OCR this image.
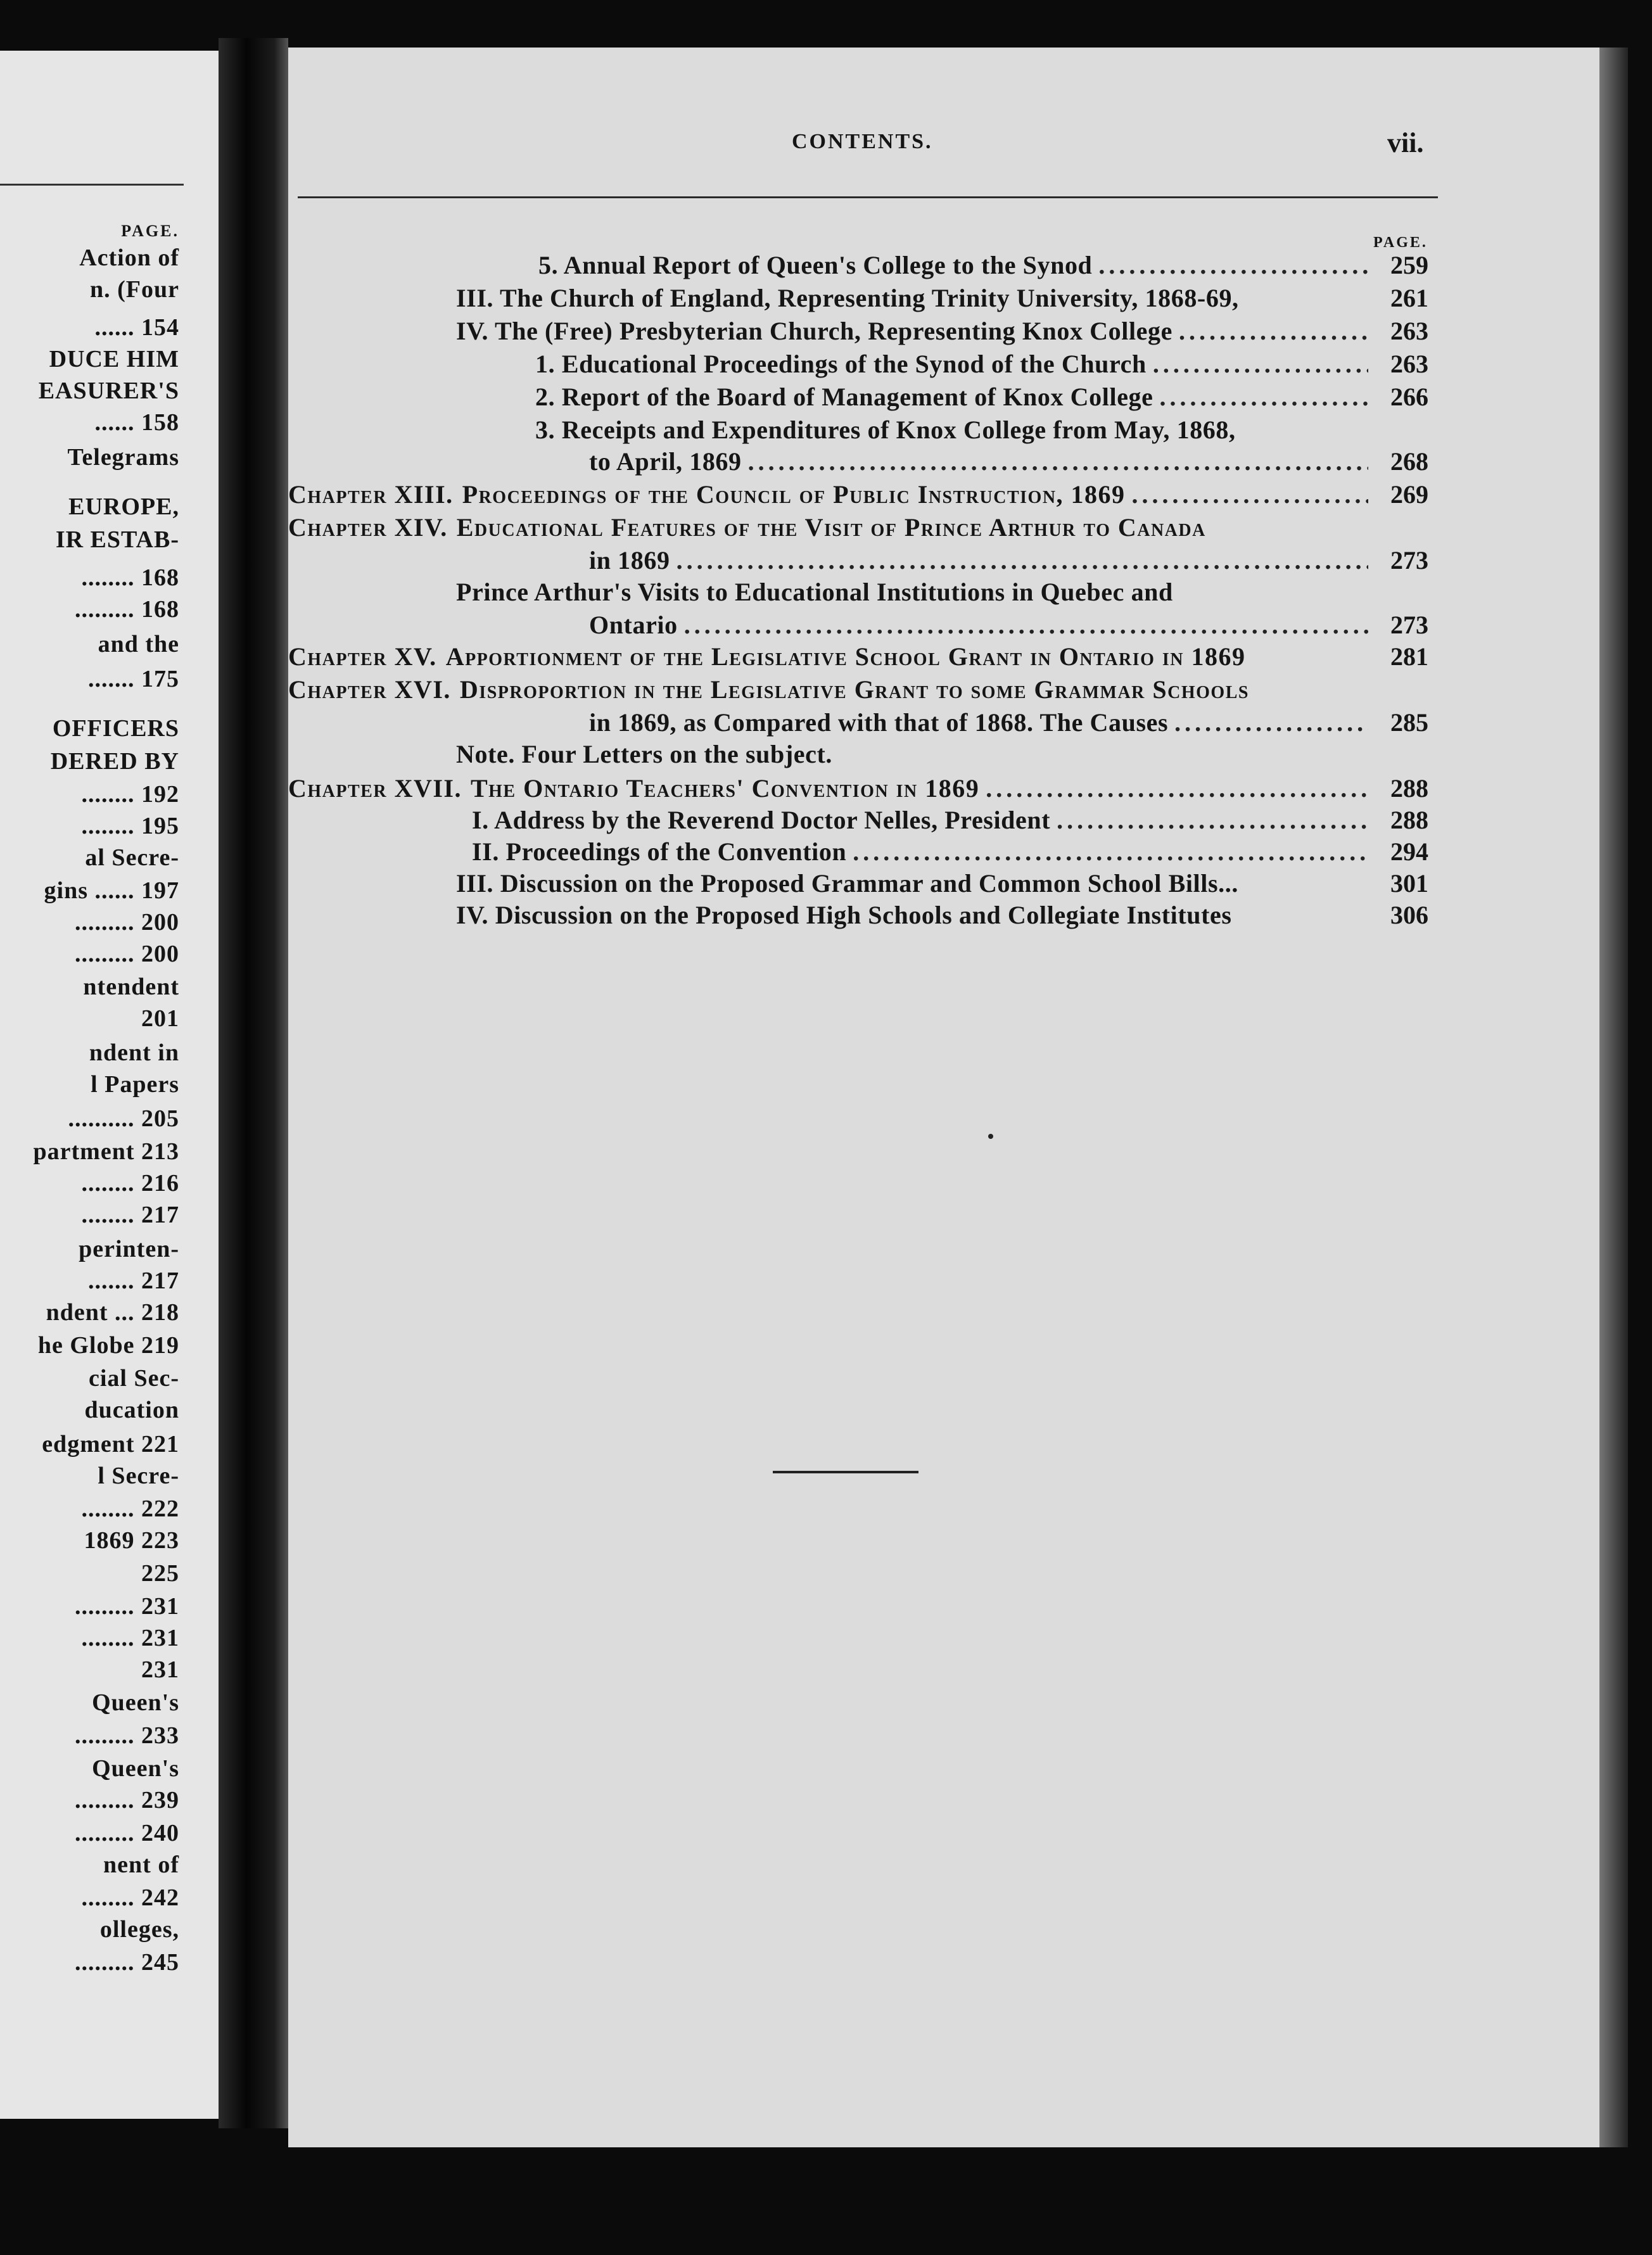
PAGE.
Action of
n. (Four
...... 154
DUCE HIM
EASURER'S
...... 158
Telegrams
EUROPE,
IR ESTAB-
........ 168
......... 168
and the
....... 175
OFFICERS
DERED BY
........ 192
........ 195
al Secre-
gins ...... 197
......... 200
......... 200
ntendent
201
ndent in
l Papers
.......... 205
partment 213
........ 216
........ 217
perinten-
....... 217
ndent ... 218
he Globe 219
cial Sec-
ducation
edgment 221
l Secre-
........ 222
1869 223
225
......... 231
........ 231
231
Queen's
......... 233
Queen's
......... 239
......... 240
nent of
........ 242
olleges,
......... 245
CONTENTS.	vii.
PAGE.
5. Annual Report of Queen's College to the Synod .....	259
III. The Church of England, Representing Trinity University, 1868-69,	261
IV. The (Free) Presbyterian Church, Representing Knox College .....	263
1. Educational Proceedings of the Synod of the Church .....	263
2. Report of the Board of Management of Knox College .....	266
3. Receipts and Expenditures of Knox College from May, 1868,
to April, 1869 .....	268
Chapter XIII. Proceedings of the Council of Public Instruction, 1869 .....	269
Chapter XIV. Educational Features of the Visit of Prince Arthur to Canada
in 1869 .....	273
Prince Arthur's Visits to Educational Institutions in Quebec and
Ontario .....	273
Chapter XV. Apportionment of the Legislative School Grant in Ontario in 1869	281
Chapter XVI. Disproportion in the Legislative Grant to some Grammar Schools
in 1869, as Compared with that of 1868. The Causes .....	285
Note. Four Letters on the subject.
Chapter XVII. The Ontario Teachers' Convention in 1869 .....	288
I. Address by the Reverend Doctor Nelles, President .....	288
II. Proceedings of the Convention .....	294
III. Discussion on the Proposed Grammar and Common School Bills...	301
IV. Discussion on the Proposed High Schools and Collegiate Institutes	306
